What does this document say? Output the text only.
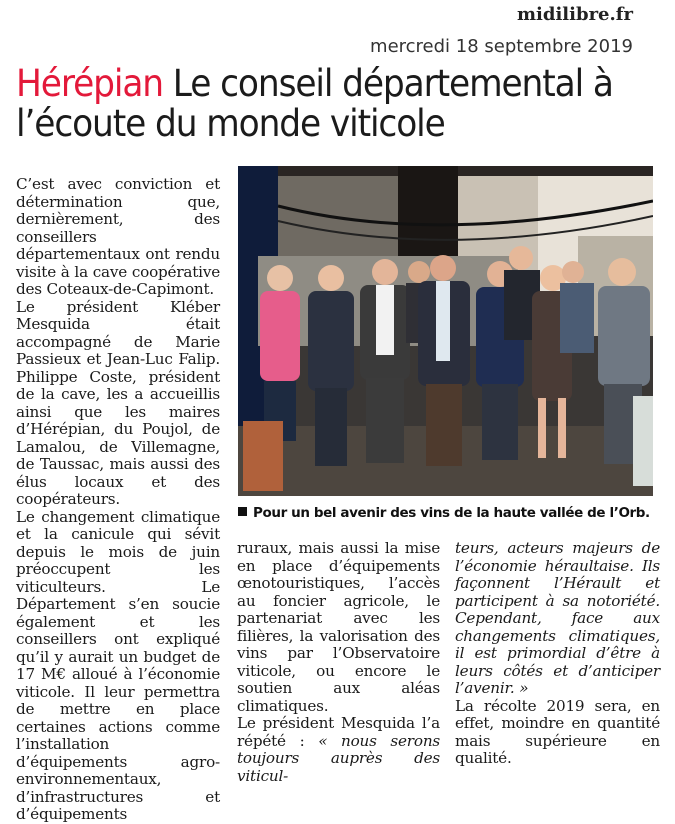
midilibre.fr
mercredi 18 septembre 2019
Hérépian Le conseil départemental à l’écoute du monde viticole

C’est avec conviction et détermination que, dernièrement, des conseillers départementaux ont rendu visite à la cave coopérative des Coteaux-de-Capimont.

Le président Kléber Mesquida était accompagné de Marie Passieux et Jean-Luc Falip. Philippe Coste, président de la cave, les a accueillis ainsi que les maires d’Hérépian, du Poujol, de Lamalou, de Villemagne, de Taussac, mais aussi des élus locaux et des coopérateurs.

Le changement climatique et la canicule qui sévit depuis le mois de juin préoccupent les viticulteurs. Le Département s’en soucie également et les conseillers ont expliqué qu’il y aurait un budget de 17 M€ alloué à l’économie viticole. Il leur permettra de mettre en place certaines actions comme l’installation d’équipements agro-environnementaux, d’infrastructures et d’équipements

Pour un bel avenir des vins de la haute vallée de l’Orb.

ruraux, mais aussi la mise en place d’équipements œnotouristiques, l’accès au foncier agricole, le partenariat avec les filières, la valorisation des vins par l’Observatoire viticole, ou encore le soutien aux aléas climatiques.

Le président Mesquida l’a répété : « nous serons toujours auprès des viticul-

teurs, acteurs majeurs de l’économie héraultaise. Ils façonnent l’Hérault et participent à sa notoriété. Cependant, face aux changements climatiques, il est primordial d’être à leurs côtés et d’anticiper l’avenir. »

La récolte 2019 sera, en effet, moindre en quantité mais supérieure en qualité.
